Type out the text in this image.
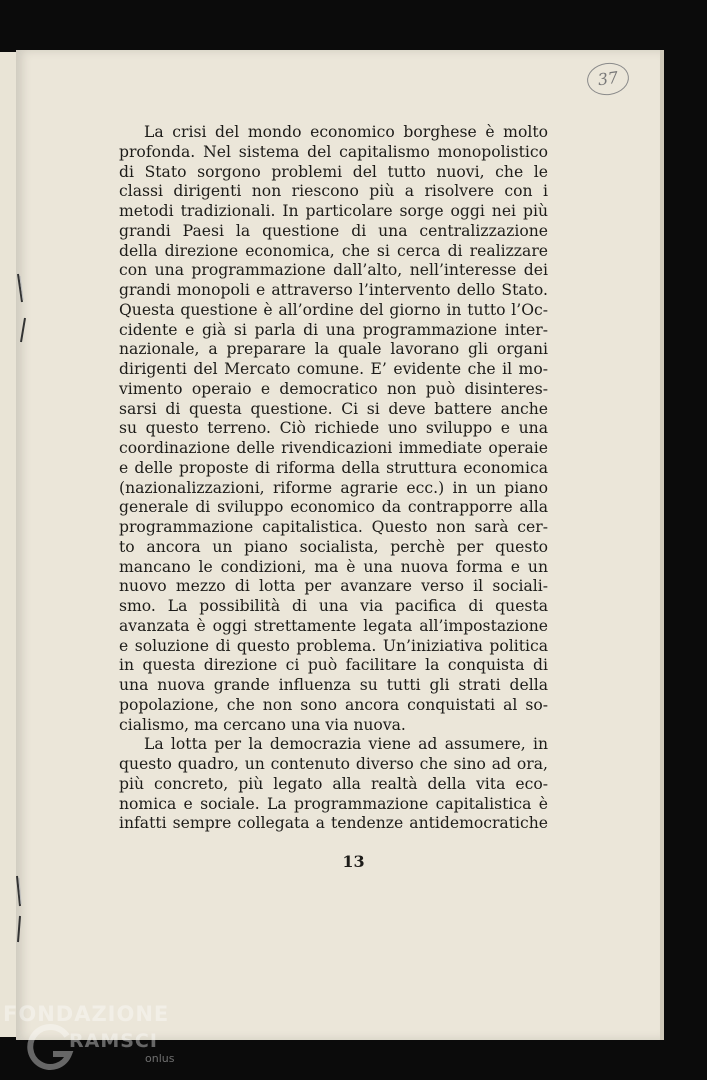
37
La crisi del mondo economico borghese è molto
profonda. Nel sistema del capitalismo monopolistico
di Stato sorgono problemi del tutto nuovi, che le
classi dirigenti non riescono più a risolvere con i
metodi tradizionali. In particolare sorge oggi nei più
grandi Paesi la questione di una centralizzazione
della direzione economica, che si cerca di realizzare
con una programmazione dall’alto, nell’interesse dei
grandi monopoli e attraverso l’intervento dello Stato.
Questa questione è all’ordine del giorno in tutto l’Oc-
cidente e già si parla di una programmazione inter-
nazionale, a preparare la quale lavorano gli organi
dirigenti del Mercato comune. E’ evidente che il mo-
vimento operaio e democratico non può disinteres-
sarsi di questa questione. Ci si deve battere anche
su questo terreno. Ciò richiede uno sviluppo e una
coordinazione delle rivendicazioni immediate operaie
e delle proposte di riforma della struttura economica
(nazionalizzazioni, riforme agrarie ecc.) in un piano
generale di sviluppo economico da contrapporre alla
programmazione capitalistica. Questo non sarà cer-
to ancora un piano socialista, perchè per questo
mancano le condizioni, ma è una nuova forma e un
nuovo mezzo di lotta per avanzare verso il sociali-
smo. La possibilità di una via pacifica di questa
avanzata è oggi strettamente legata all’impostazione
e soluzione di questo problema. Un’iniziativa politica
in questa direzione ci può facilitare la conquista di
una nuova grande influenza su tutti gli strati della
popolazione, che non sono ancora conquistati al so-
cialismo, ma cercano una via nuova.
La lotta per la democrazia viene ad assumere, in
questo quadro, un contenuto diverso che sino ad ora,
più concreto, più legato alla realtà della vita eco-
nomica e sociale. La programmazione capitalistica è
infatti sempre collegata a tendenze antidemocratiche
13
FONDAZIONE
RAMSCI
onlus
